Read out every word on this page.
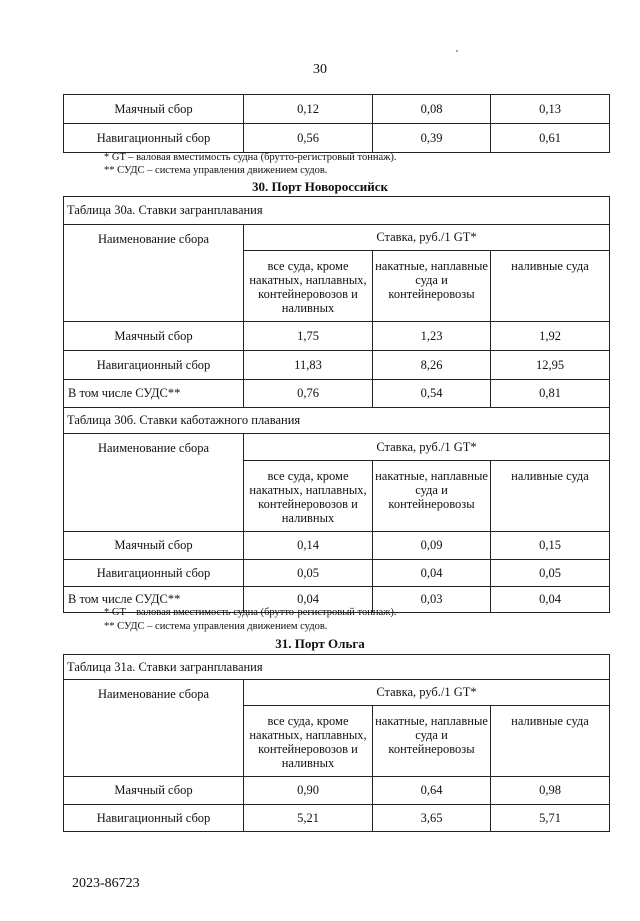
30
Маячный сбор	0,12	0,08	0,13
Навигационный сбор	0,56	0,39	0,61
* GT – валовая вместимость судна (брутто-регистровый тоннаж).
** СУДС – система управления движением судов.
30. Порт Новороссийск
Таблица 30а. Ставки загранплавания			
Наименование сбора	Ставка, руб./1 GT*		
	все суда, кроме накатных, наплавных, контейнеровозов и наливных	накатные, наплавные суда и контейнеровозы	наливные суда
Маячный сбор	1,75	1,23	1,92
Навигационный сбор	11,83	8,26	12,95
В том числе СУДС**	0,76	0,54	0,81
Таблица 30б. Ставки каботажного плавания			
Наименование сбора	Ставка, руб./1 GT*		
	все суда, кроме накатных, наплавных, контейнеровозов и наливных	накатные, наплавные суда и контейнеровозы	наливные суда
Маячный сбор	0,14	0,09	0,15
Навигационный сбор	0,05	0,04	0,05
В том числе СУДС**	0,04	0,03	0,04
* GT – валовая вместимость судна (брутто-регистровый тоннаж).
** СУДС – система управления движением судов.
31. Порт Ольга
Таблица 31а. Ставки загранплавания			
Наименование сбора	Ставка, руб./1 GT*		
	все суда, кроме накатных, наплавных, контейнеровозов и наливных	накатные, наплавные суда и контейнеровозы	наливные суда
Маячный сбор	0,90	0,64	0,98
Навигационный сбор	5,21	3,65	5,71
2023-86723
